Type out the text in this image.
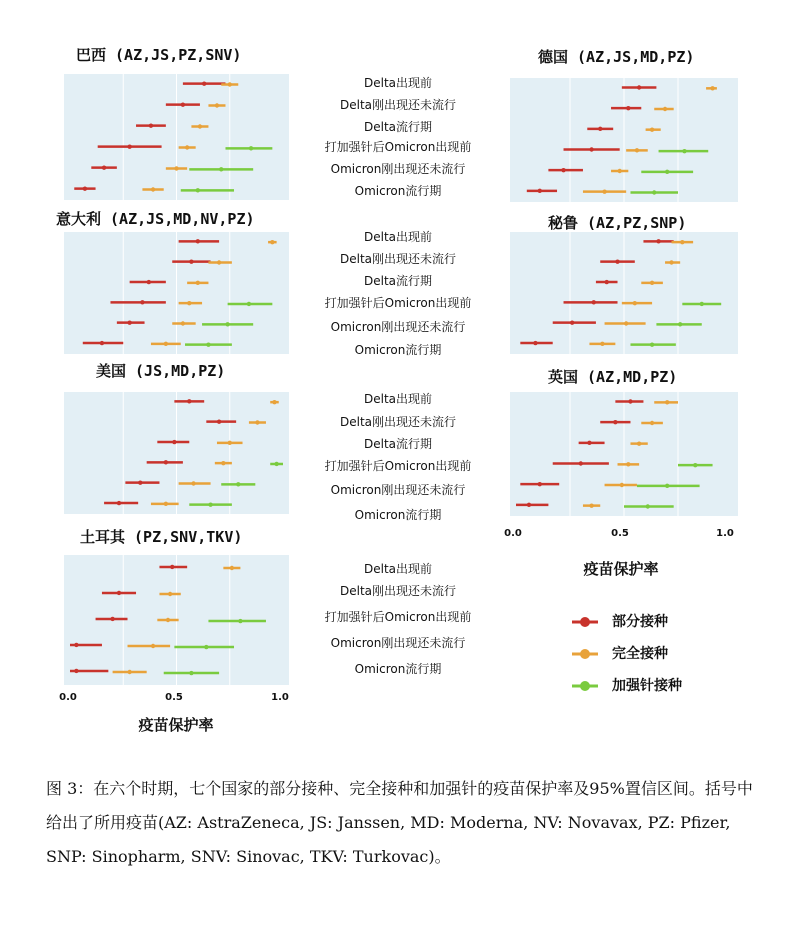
巴西 (AZ,JS,PZ,SNV)
意大利 (AZ,JS,MD,NV,PZ)
美国 (JS,MD,PZ)
土耳其 (PZ,SNV,TKV)
德国 (AZ,JS,MD,PZ)
秘鲁 (AZ,PZ,SNP)
英国 (AZ,MD,PZ)
Delta出现前
Delta刚出现还未流行
Delta流行期
打加强针后Omicron出现前
Omicron刚出现还未流行
Omicron流行期
Delta出现前
Delta刚出现还未流行
Delta流行期
打加强针后Omicron出现前
Omicron刚出现还未流行
Omicron流行期
Delta出现前
Delta刚出现还未流行
Delta流行期
打加强针后Omicron出现前
Omicron刚出现还未流行
Omicron流行期
Delta出现前
Delta刚出现还未流行
打加强针后Omicron出现前
Omicron刚出现还未流行
Omicron流行期
0.0	0.5	1.0
疫苗保护率
0.0	0.5	1.0
疫苗保护率
部分接种
完全接种
加强针接种
图 3：在六个时期，七个国家的部分接种、完全接种和加强针的疫苗保护率及95%置信区间。括号中给出了所用疫苗(AZ: AstraZeneca, JS: Janssen, MD: Moderna, NV: Novavax, PZ: Pfizer, SNP: Sinopharm, SNV: Sinovac, TKV: Turkovac)。
